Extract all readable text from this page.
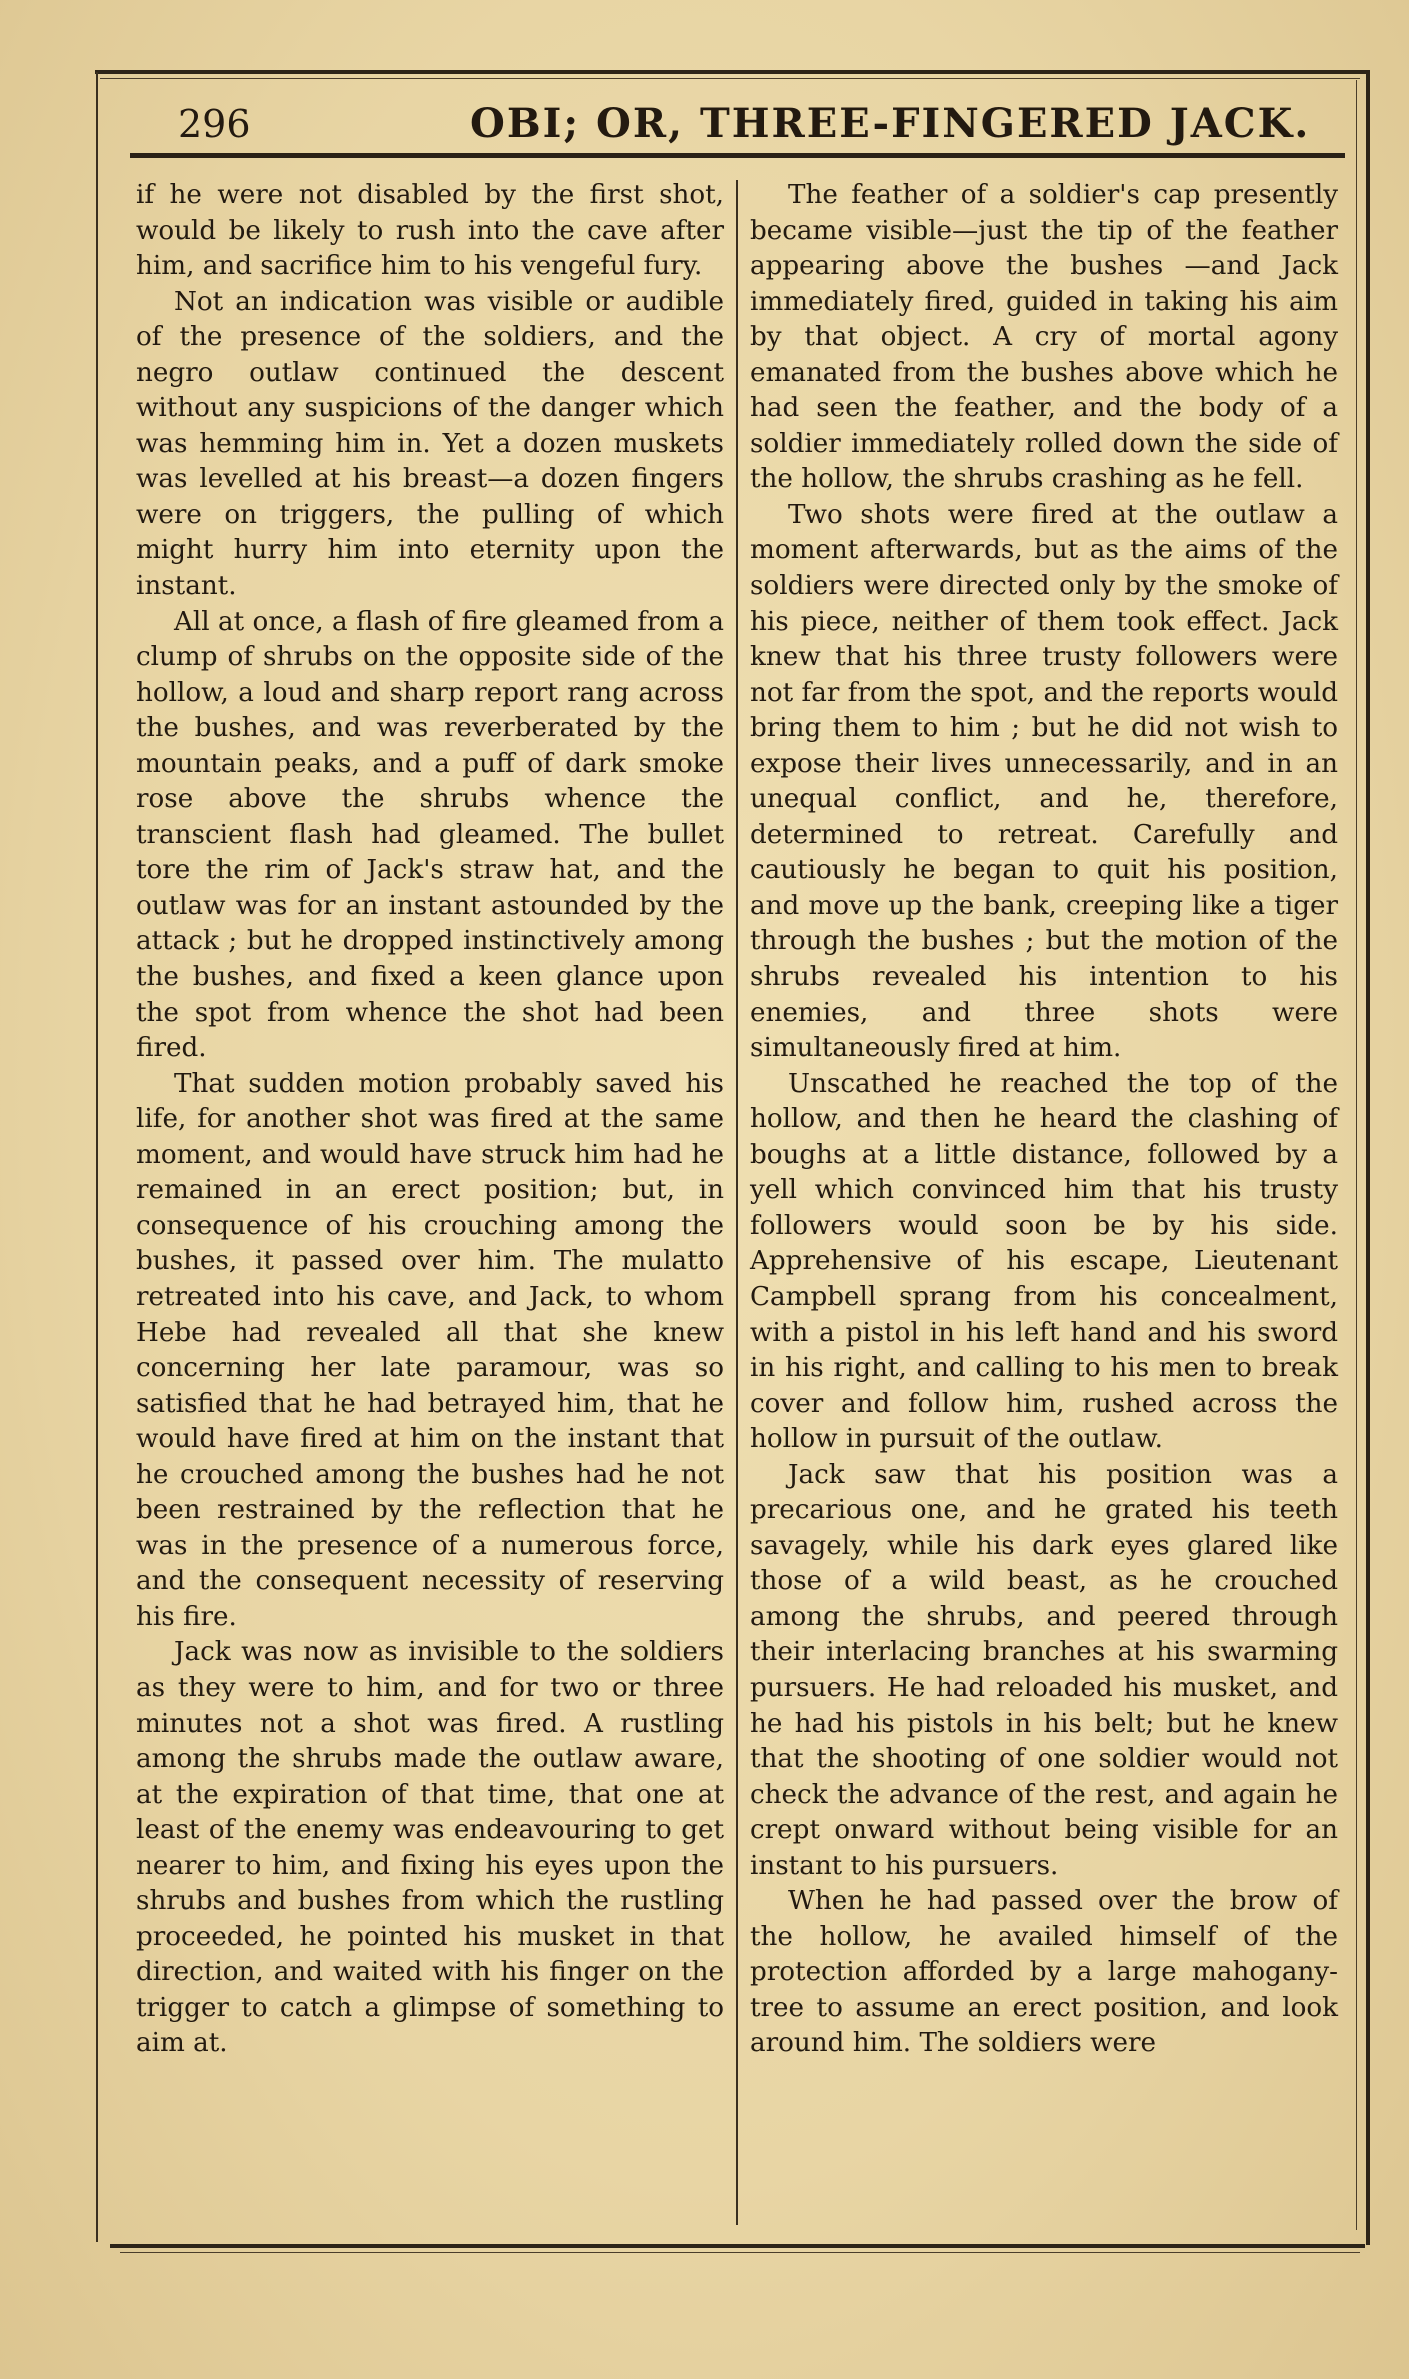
296	OBI; OR, THREE-FINGERED JACK.

if he were not disabled by the first shot, would be likely to rush into the cave after him, and sacrifice him to his vengeful fury.

Not an indication was visible or audible of the presence of the soldiers, and the negro outlaw continued the descent without any suspicions of the danger which was hemming him in. Yet a dozen muskets was levelled at his breast—a dozen fingers were on triggers, the pulling of which might hurry him into eternity upon the instant.

All at once, a flash of fire gleamed from a clump of shrubs on the opposite side of the hollow, a loud and sharp report rang across the bushes, and was reverberated by the mountain peaks, and a puff of dark smoke rose above the shrubs whence the transcient flash had gleamed. The bullet tore the rim of Jack's straw hat, and the outlaw was for an instant astounded by the attack ; but he dropped instinctively among the bushes, and fixed a keen glance upon the spot from whence the shot had been fired.

That sudden motion probably saved his life, for another shot was fired at the same moment, and would have struck him had he remained in an erect position; but, in consequence of his crouching among the bushes, it passed over him. The mulatto retreated into his cave, and Jack, to whom Hebe had revealed all that she knew concerning her late paramour, was so satisfied that he had betrayed him, that he would have fired at him on the instant that he crouched among the bushes had he not been restrained by the reflection that he was in the presence of a numerous force, and the consequent necessity of reserving his fire.

Jack was now as invisible to the soldiers as they were to him, and for two or three minutes not a shot was fired. A rustling among the shrubs made the outlaw aware, at the expiration of that time, that one at least of the enemy was endeavouring to get nearer to him, and fixing his eyes upon the shrubs and bushes from which the rustling proceeded, he pointed his musket in that direction, and waited with his finger on the trigger to catch a glimpse of something to aim at.

The feather of a soldier's cap presently became visible—just the tip of the feather appearing above the bushes —and Jack immediately fired, guided in taking his aim by that object. A cry of mortal agony emanated from the bushes above which he had seen the feather, and the body of a soldier immediately rolled down the side of the hollow, the shrubs crashing as he fell.

Two shots were fired at the outlaw a moment afterwards, but as the aims of the soldiers were directed only by the smoke of his piece, neither of them took effect. Jack knew that his three trusty followers were not far from the spot, and the reports would bring them to him ; but he did not wish to expose their lives unnecessarily, and in an unequal conflict, and he, therefore, determined to retreat. Carefully and cautiously he began to quit his position, and move up the bank, creeping like a tiger through the bushes ; but the motion of the shrubs revealed his intention to his enemies, and three shots were simultaneously fired at him.

Unscathed he reached the top of the hollow, and then he heard the clashing of boughs at a little distance, followed by a yell which convinced him that his trusty followers would soon be by his side. Apprehensive of his escape, Lieutenant Campbell sprang from his concealment, with a pistol in his left hand and his sword in his right, and calling to his men to break cover and follow him, rushed across the hollow in pursuit of the outlaw.

Jack saw that his position was a precarious one, and he grated his teeth savagely, while his dark eyes glared like those of a wild beast, as he crouched among the shrubs, and peered through their interlacing branches at his swarming pursuers. He had reloaded his musket, and he had his pistols in his belt; but he knew that the shooting of one soldier would not check the advance of the rest, and again he crept onward without being visible for an instant to his pursuers.

When he had passed over the brow of the hollow, he availed himself of the protection afforded by a large mahogany-tree to assume an erect position, and look around him. The soldiers were
